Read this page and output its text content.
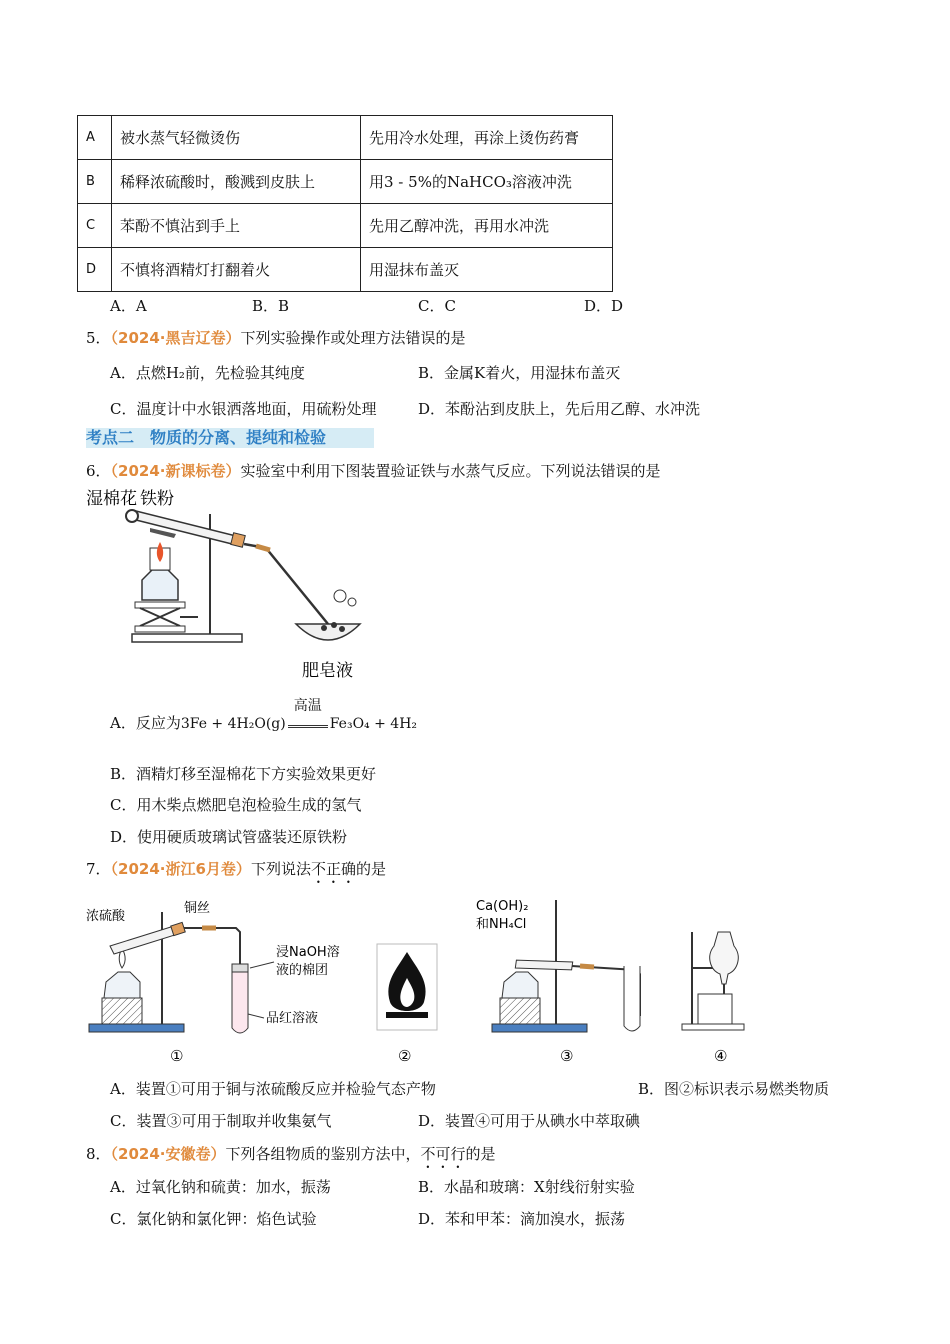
A	被水蒸气轻微烫伤	先用冷水处理，再涂上烫伤药膏
B	稀释浓硫酸时，酸溅到皮肤上	用3 - 5%的NaHCO₃溶液冲洗
C	苯酚不慎沾到手上	先用乙醇冲洗，再用水冲洗
D	不慎将酒精灯打翻着火	用湿抹布盖灭
A．A	B．B	C．C	D．D
5．（2024·黑吉辽卷）下列实验操作或处理方法错误的是
A．点燃H₂前，先检验其纯度	B．金属K着火，用湿抹布盖灭
C．温度计中水银洒落地面，用硫粉处理	D．苯酚沾到皮肤上，先后用乙醇、水冲洗
考点二　物质的分离、提纯和检验
6．（2024·新课标卷）实验室中利用下图装置验证铁与水蒸气反应。下列说法错误的是
湿棉花 铁粉
肥皂液
A．反应为3Fe + 4H₂O(g)
高温
Fe₃O₄ + 4H₂
B．酒精灯移至湿棉花下方实验效果更好
C．用木柴点燃肥皂泡检验生成的氢气
D．使用硬质玻璃试管盛装还原铁粉
7．（2024·浙江6月卷）下列说法不正确的是
浓硫酸
铜丝
浸NaOH溶
液的棉团
品红溶液
①	②
Ca(OH)₂
和NH₄Cl
③	④
A．装置①可用于铜与浓硫酸反应并检验气态产物	B．图②标识表示易燃类物质
C．装置③可用于制取并收集氨气	D．装置④可用于从碘水中萃取碘
8．（2024·安徽卷）下列各组物质的鉴别方法中，不可行的是
A．过氧化钠和硫黄：加水，振荡	B．水晶和玻璃：X射线衍射实验
C．氯化钠和氯化钾：焰色试验	D．苯和甲苯：滴加溴水，振荡
